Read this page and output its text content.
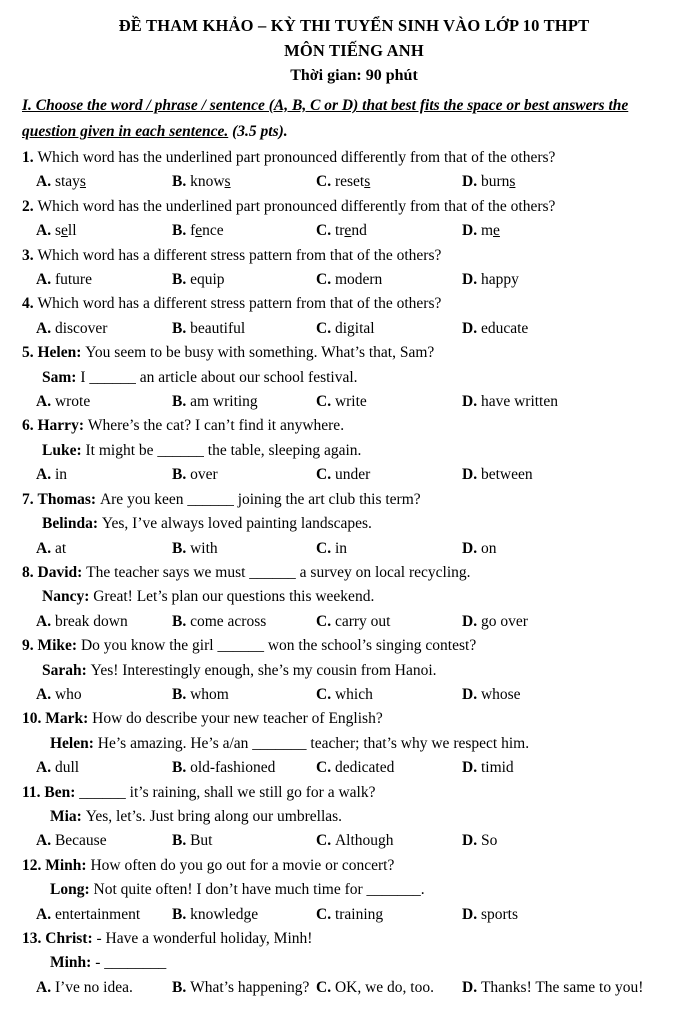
ĐỀ THAM KHẢO – KỲ THI TUYỂN SINH VÀO LỚP 10 THPT
MÔN TIẾNG ANH
Thời gian: 90 phút
I. Choose the word / phrase / sentence (A, B, C or D) that best fits the space or best answers the
question given in each sentence. (3.5 pts).
1. Which word has the underlined part pronounced differently from that of the others?
A. stays	B. knows	C. resets	D. burns
2. Which word has the underlined part pronounced differently from that of the others?
A. sell	B. fence	C. trend	D. me
3. Which word has a different stress pattern from that of the others?
A. future	B. equip	C. modern	D. happy
4. Which word has a different stress pattern from that of the others?
A. discover	B. beautiful	C. digital	D. educate
5. Helen: You seem to be busy with something. What’s that, Sam?
Sam: I ______ an article about our school festival.
A. wrote	B. am writing	C. write	D. have written
6. Harry: Where’s the cat? I can’t find it anywhere.
Luke: It might be ______ the table, sleeping again.
A. in	B. over	C. under	D. between
7. Thomas: Are you keen ______ joining the art club this term?
Belinda: Yes, I’ve always loved painting landscapes.
A. at	B. with	C. in	D. on
8. David: The teacher says we must ______ a survey on local recycling.
Nancy: Great! Let’s plan our questions this weekend.
A. break down	B. come across	C. carry out	D. go over
9. Mike: Do you know the girl ______ won the school’s singing contest?
Sarah: Yes! Interestingly enough, she’s my cousin from Hanoi.
A. who	B. whom	C. which	D. whose
10. Mark: How do describe your new teacher of English?
Helen: He’s amazing. He’s a/an _______ teacher; that’s why we respect him.
A. dull	B. old-fashioned	C. dedicated	D. timid
11. Ben: ______ it’s raining, shall we still go for a walk?
Mia: Yes, let’s. Just bring along our umbrellas.
A. Because	B. But	C. Although	D. So
12. Minh: How often do you go out for a movie or concert?
Long: Not quite often! I don’t have much time for _______.
A. entertainment	B. knowledge	C. training	D. sports
13. Christ: - Have a wonderful holiday, Minh!
Minh: - ________
A. I’ve no idea.	B. What’s happening? C. OK, we do, too.	D. Thanks! The same to you!
